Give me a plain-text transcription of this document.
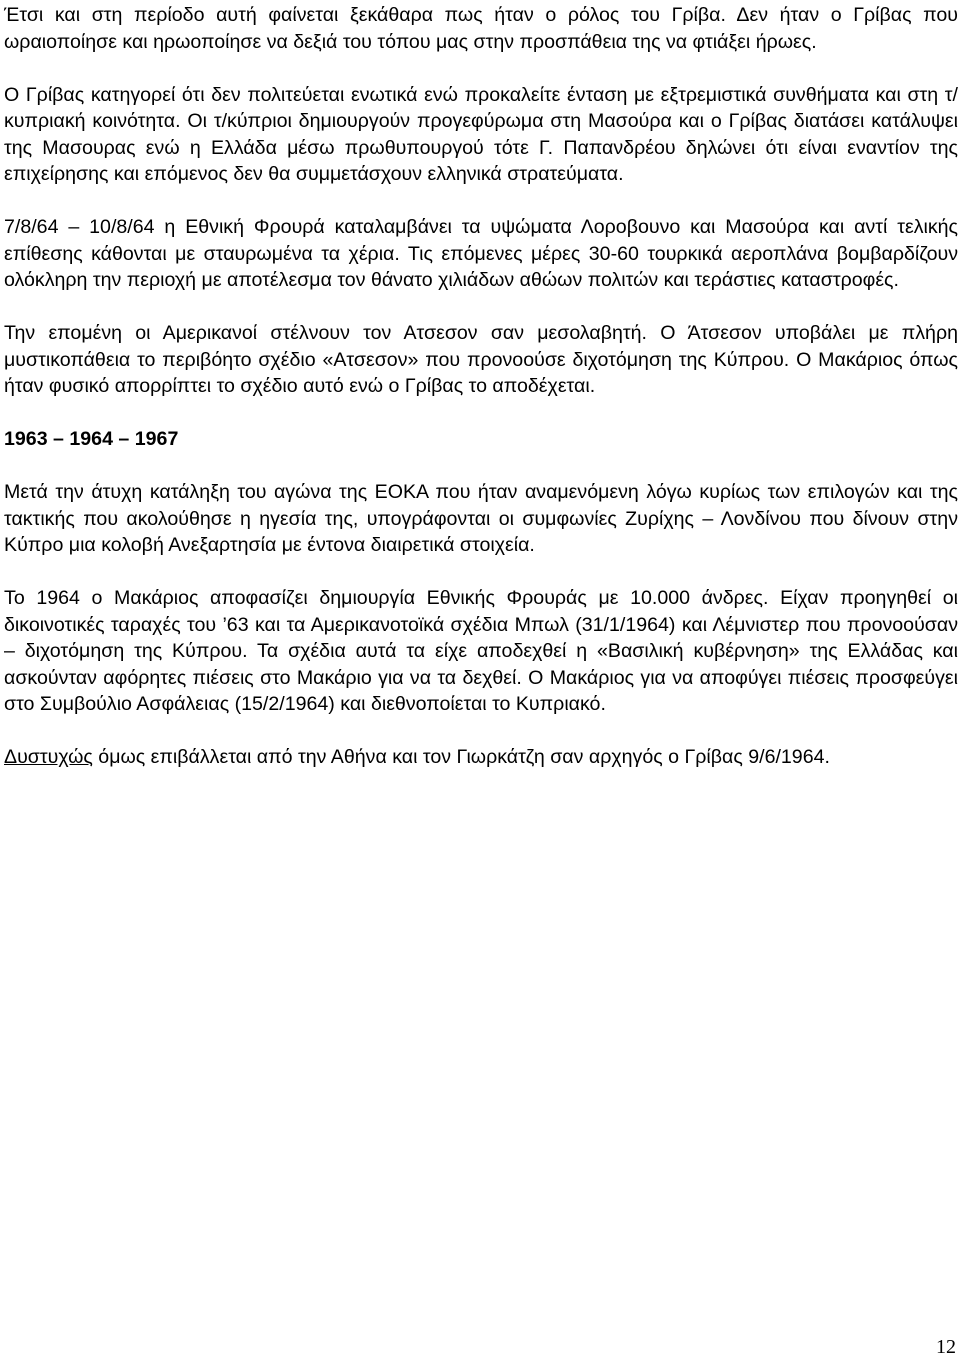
Έτσι και στη περίοδο αυτή φαίνεται ξεκάθαρα πως ήταν ο ρόλος του Γρίβα. Δεν ήταν ο Γρίβας που ωραιοποίησε και ηρωοποίησε να δεξιά του τόπου μας στην προσπάθεια της να φτιάξει ήρωες.

Ο Γρίβας κατηγορεί ότι δεν πολιτεύεται ενωτικά ενώ προκαλείτε ένταση με εξτρεμιστικά συνθήματα και στη τ/κυπριακή κοινότητα. Οι τ/κύπριοι δημιουργούν προγεφύρωμα στη Μασούρα και ο Γρίβας διατάσει κατάλυψει της Μασουρας ενώ η Ελλάδα μέσω πρωθυπουργού τότε Γ. Παπανδρέου δηλώνει ότι είναι εναντίον της επιχείρησης και επόμενος δεν θα συμμετάσχουν ελληνικά στρατεύματα.

7/8/64 – 10/8/64 η Εθνική Φρουρά καταλαμβάνει τα υψώματα Λοροβουνο και Μασούρα και αντί τελικής επίθεσης κάθονται με σταυρωμένα τα χέρια. Τις επόμενες μέρες 30-60 τουρκικά αεροπλάνα βομβαρδίζουν ολόκληρη την περιοχή με αποτέλεσμα τον θάνατο χιλιάδων αθώων πολιτών και τεράστιες καταστροφές.

Την επομένη οι Αμερικανοί στέλνουν τον Ατσεσον σαν μεσολαβητή. Ο Άτσεσον υποβάλει με πλήρη μυστικοπάθεια το περιβόητο σχέδιο «Ατσεσον» που προνοούσε διχοτόμηση της Κύπρου. Ο Μακάριος όπως ήταν φυσικό απορρίπτει το σχέδιο αυτό ενώ ο Γρίβας το αποδέχεται.

1963 – 1964 – 1967

Μετά την άτυχη κατάληξη του αγώνα της ΕΟΚΑ που ήταν αναμενόμενη λόγω κυρίως των επιλογών και της τακτικής που ακολούθησε η ηγεσία της, υπογράφονται οι συμφωνίες Ζυρίχης – Λονδίνου που δίνουν στην Κύπρο μια κολοβή Ανεξαρτησία με έντονα διαιρετικά στοιχεία.

Το 1964 ο Μακάριος αποφασίζει δημιουργία Εθνικής Φρουράς με 10.000 άνδρες. Είχαν προηγηθεί οι δικοινοτικές ταραχές του ’63 και τα Αμερικανοτοϊκά σχέδια Μπωλ (31/1/1964) και Λέμνιστερ που προνοούσαν – διχοτόμηση της Κύπρου. Τα σχέδια αυτά τα είχε αποδεχθεί η «Βασιλική κυβέρνηση» της Ελλάδας και ασκούνταν αφόρητες πιέσεις στο Μακάριο για να τα δεχθεί. Ο Μακάριος για να αποφύγει πιέσεις προσφεύγει στο Συμβούλιο Ασφάλειας (15/2/1964) και διεθνοποίεται το Κυπριακό.

Δυστυχώς όμως επιβάλλεται από την Αθήνα και τον Γιωρκάτζη σαν αρχηγός ο Γρίβας 9/6/1964.

12
